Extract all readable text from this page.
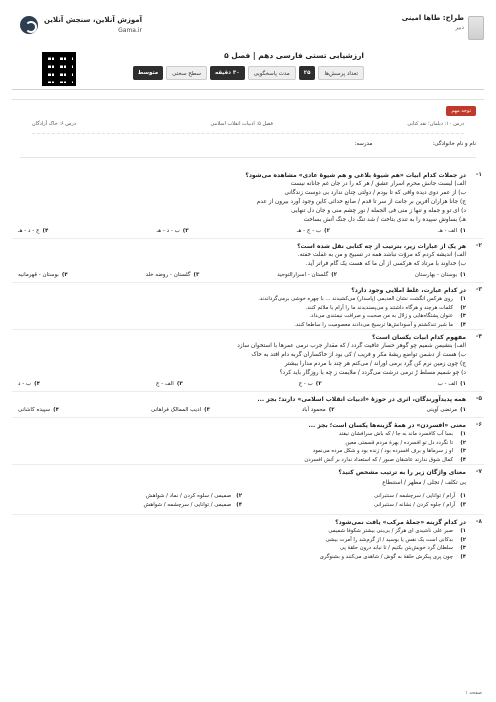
طراح: طاها امینی
دبیر
آموزش آنلاین، سنجش آنلاین
Gama.ir
ارزشیابی تستی فارسی دهم | فصل ۵
تعداد پرسش‌ها
۲۵
مدت پاسخگویی
۳۰ دقیقه
سطح سختی
متوسط
توجه مهم
درس ۱۰: دیلمان؛ نقد کتابی
فصل ۵: ادبیات انقلاب اسلامی
درس ۶: خاک آزادگان
نام و نام خانوادگی:
مدرسه:
۱-
در جملات کدام ابیات «هم شیوهٔ بلاغی و هم شیوهٔ عادی» مشاهده می‌شود؟
الف) لیست جانش محرم اسرار عشق / هر که را در جان غم جانانه نیست
ب) از عمر دوی دیده وافی که تا بودم / دولتی چنان ندارد بی دوست زندگانی
ج) جانا هزاران آفرین بر جانت از سر تا قدم / صانع خدائی کاین وجود آورد بیرون از عدم
د) ای تو و جمله و تنها ز منی فی الجمله / نور چشم منی و جان دل تنهایی
هـ) بساوش سپیده را به تندی بتاخت / شد تنگ دل جنگ آتش بساخت
۱)
الف - هـ
۲)
ب - ج - هـ
۳)
ب - د - هـ
۴)
ج - د - هـ
۲-
هر یک از عبارات زیر، بترتیب از چه کتابی نقل شده است؟
الف) اندیشه کردم که مروّت نباشد همه در تسبیح و من به غفلت خفته.
ب) خداوند با مرتاد که هرکسی از آن ما که هست یک گام فراتر آید.
۱)
بوستان - بهارستان
۲)
گلستان - اسرارالتوحید
۳)
گلستان - روضه خلد
۴)
بوستان - قهرمانیه
۳-
در کدام عبارت، غلط املایی وجود دارد؟
۱)
روی هرکس انگشت نشان العدیمی (پاسدار) می‌کشیدند ... با چهره خوشی برمی‌گرداندند.
۲)
کلمات هرچند و هرگاه داشتند و می‌پسندیدند ما را آرام یا ملائم کنند.
۳)
عنوان پشتگاه‌هایی و زلال به من صحبت و صرافت نیمتندی می‌داد.
۴)
ما شیر تندکشتم و آسودانش‌ها ترسیج می‌دادند معصومیت را ساطعا کنند.
۴-
مفهوم کدام ابیات یکسان است؟
الف) بنشیمن شمیم چو گوهر حسار عافیت گردد / که مقدار جرب نرمی عمرها با استخوان سازد
ب) هست از دشمن تواضع ریشهٔ مکر و فریب / کی بود از خاکساران گربه دام افتد به خاک
ج) چون زمین نرم کن گِرد برمی اوراند / می‌کنم هر چند با مردم مدارا بیشتر
د) چو شمیم مسلط رُ نرمی درشت می‌گردد / ملایمت ز چه با روزگار باید کرد؟
۱)
الف - ب
۲)
ب - ج
۳)
الف - ج
۴)
ب - د
۵-
همه پدیدآورندگان، اثری در حوزهٔ «ادبیات انقلاب اسلامی» دارند؛ بجز ...
۱)
مرتضی آوینی
۲)
محمود آباد
۳)
ادیب الممالک فراهانی
۴)
سپیده کاشانی
۶-
معنی «افسردن» در همهٔ گزینه‌ها یکسان است؛ بجز ...
۱)
بسا آب کافسرد ماند به جا / که باش سرافشان نیفتد
۲)
تا نگردد دل تو افسرده / بهرهٔ مردم قسمتی معین
۳)
او ز سرماها و برف افسرده بود / زنده بود و شکل مرده می‌نمود
۴)
کمال شوق ندارند عاشقان صبور / که استعداد ندارد بر آتش افسردن
۷-
معنای واژگان زیر را به ترتیب مشخص کنید؟
بی تکلف / تجلی / مظهر / استنطاع
۱)
آرام / توانایی / سرچشمه / سنتبرانی
۲)
صمیمی / سلوه کردن / نماد / شواهش
۳)
آرام / جلوه کردن / نشانه / سنتبرانی
۴)
صمیمی / توانایی / سرچشمه / شواهش
۸-
در کدام گزینه «جملهٔ مرکب» یافت نمی‌شود؟
۱)
صبر علی ناشیدی ای هرگز / بی‌بنی بیشتر شکوفا شمیمی
۲)
بدکانی است یک نفس یا بوسید / از گرم‌شد را آمرت بیشی
۳)
سلطان گرد خویش‌بتن بکنیم / تا نیابد درون حلقهٔ پی
۴)
چون پری پیکرش حلقهٔ به گوش / شاهدی می‌کنند و بشنوگری
صفحه ۱
